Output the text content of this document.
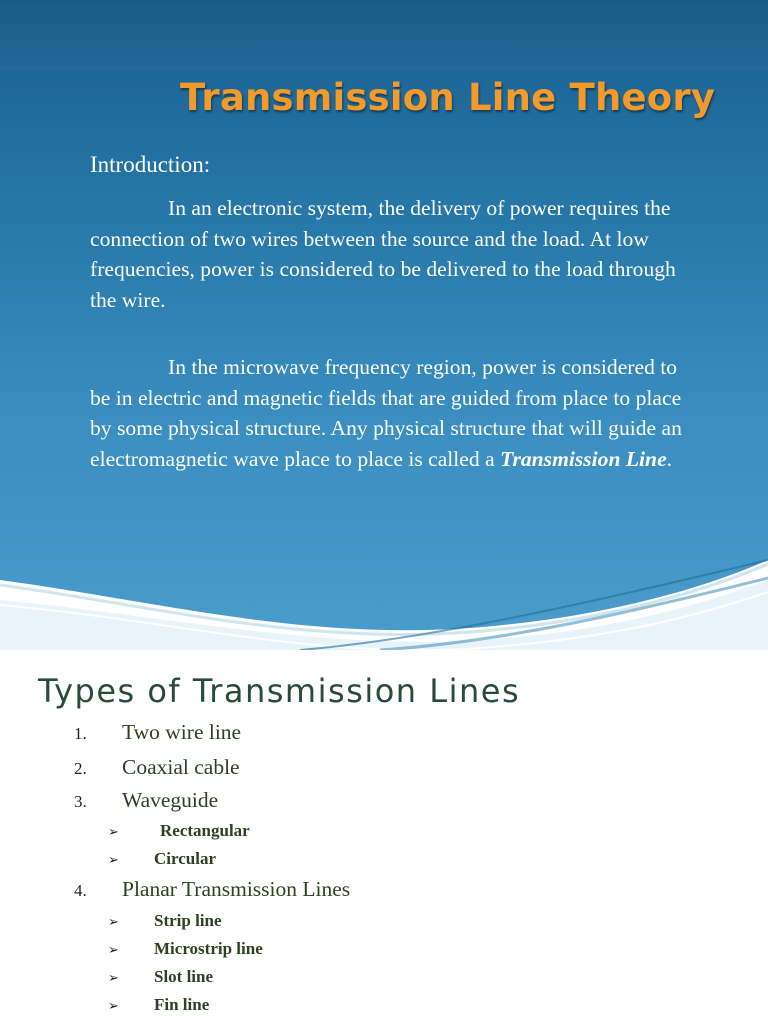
Transmission Line Theory
Introduction:

In an electronic system, the delivery of power requires the connection of two wires between the source and the load. At low frequencies, power is considered to be delivered to the load through the wire.

In the microwave frequency region, power is considered to be in electric and magnetic fields that are guided from place to place by some physical structure. Any physical structure that will guide an electromagnetic wave place to place is called a Transmission Line.

Types of Transmission Lines
1. Two wire line
2. Coaxial cable
3. Waveguide
➢ Rectangular
➢ Circular
4. Planar Transmission Lines
➢ Strip line
➢ Microstrip line
➢ Slot line
➢ Fin line
